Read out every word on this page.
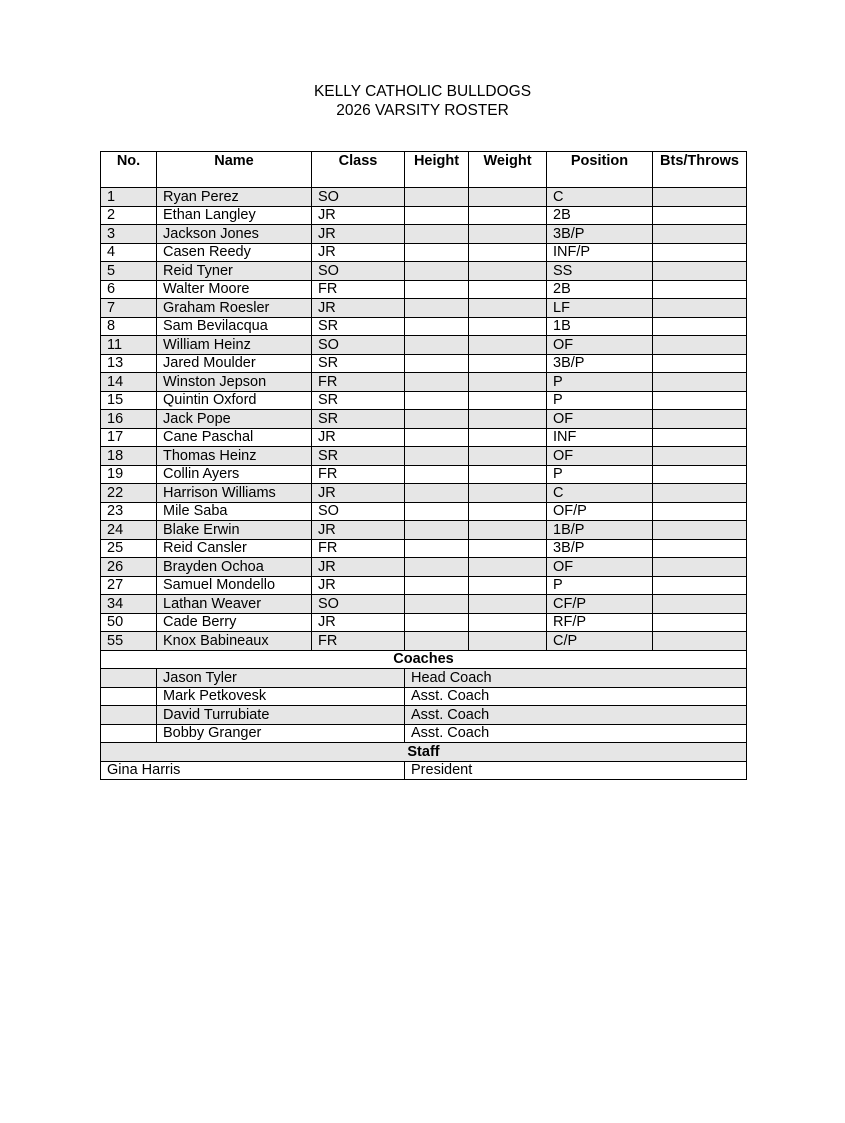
KELLY CATHOLIC BULLDOGS
2026 VARSITY ROSTER
No.	Name	Class	Height	Weight	Position	Bts/Throws
1	Ryan Perez	SO			C	
2	Ethan Langley	JR			2B	
3	Jackson Jones	JR			3B/P	
4	Casen Reedy	JR			INF/P	
5	Reid Tyner	SO			SS	
6	Walter Moore	FR			2B	
7	Graham Roesler	JR			LF	
8	Sam Bevilacqua	SR			1B	
11	William Heinz	SO			OF	
13	Jared Moulder	SR			3B/P	
14	Winston Jepson	FR			P	
15	Quintin Oxford	SR			P	
16	Jack Pope	SR			OF	
17	Cane Paschal	JR			INF	
18	Thomas Heinz	SR			OF	
19	Collin Ayers	FR			P	
22	Harrison Williams	JR			C	
23	Mile Saba	SO			OF/P	
24	Blake Erwin	JR			1B/P	
25	Reid Cansler	FR			3B/P	
26	Brayden Ochoa	JR			OF	
27	Samuel Mondello	JR			P	
34	Lathan Weaver	SO			CF/P	
50	Cade Berry	JR			RF/P	
55	Knox Babineaux	FR			C/P	
Coaches						
	Jason Tyler		Head Coach			
	Mark Petkovesk		Asst. Coach			
	David Turrubiate		Asst. Coach			
	Bobby Granger		Asst. Coach			
Staff						
Gina Harris			President			
